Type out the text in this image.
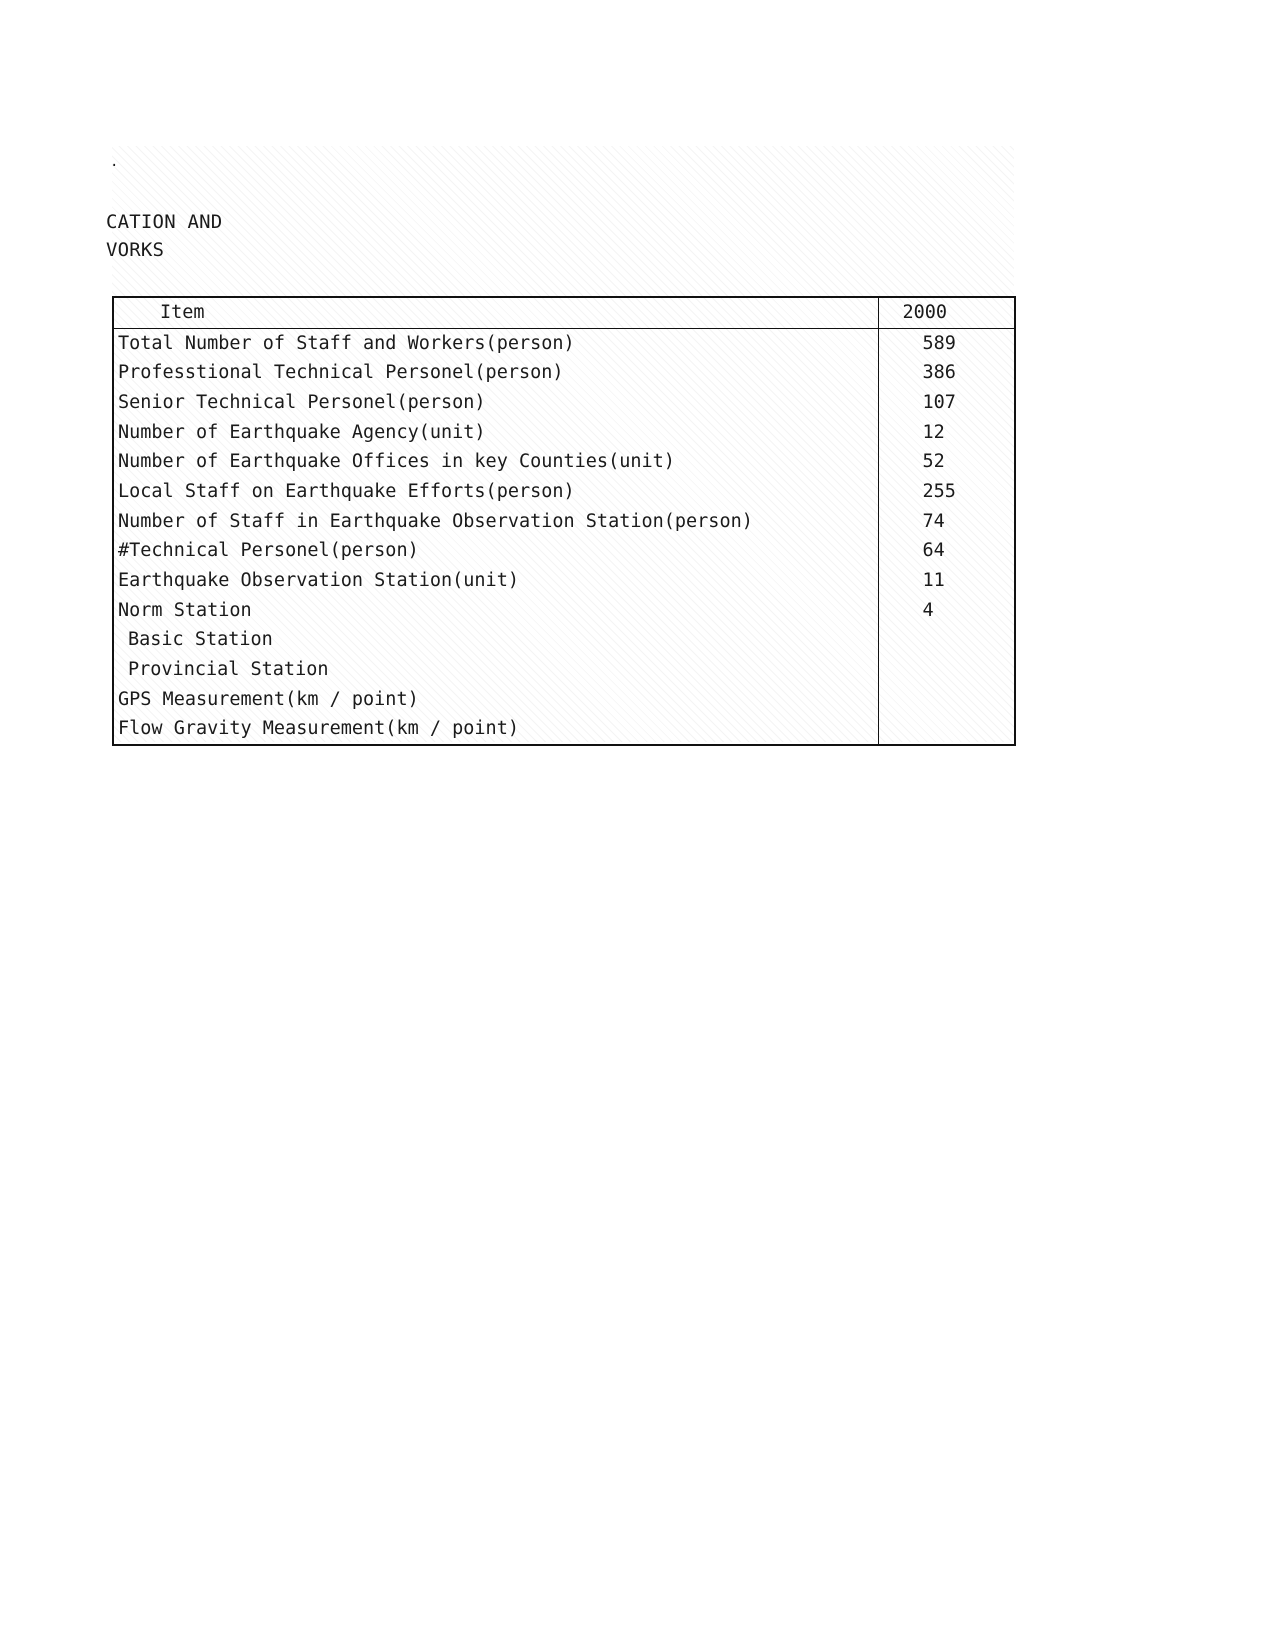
·
CATION AND
VORKS
Item	2000
Total Number of Staff and Workers(person)	589
Professtional Technical Personel(person)	386
Senior Technical Personel(person)	107
Number of Earthquake Agency(unit)	12
Number of Earthquake Offices in key Counties(unit)	52
Local Staff on Earthquake Efforts(person)	255
Number of Staff in Earthquake Observation Station(person)	74
#Technical Personel(person)	64
Earthquake Observation Station(unit)	11
Norm Station	4
Basic Station	
Provincial Station	
GPS Measurement(km / point)	
Flow Gravity Measurement(km / point)	
